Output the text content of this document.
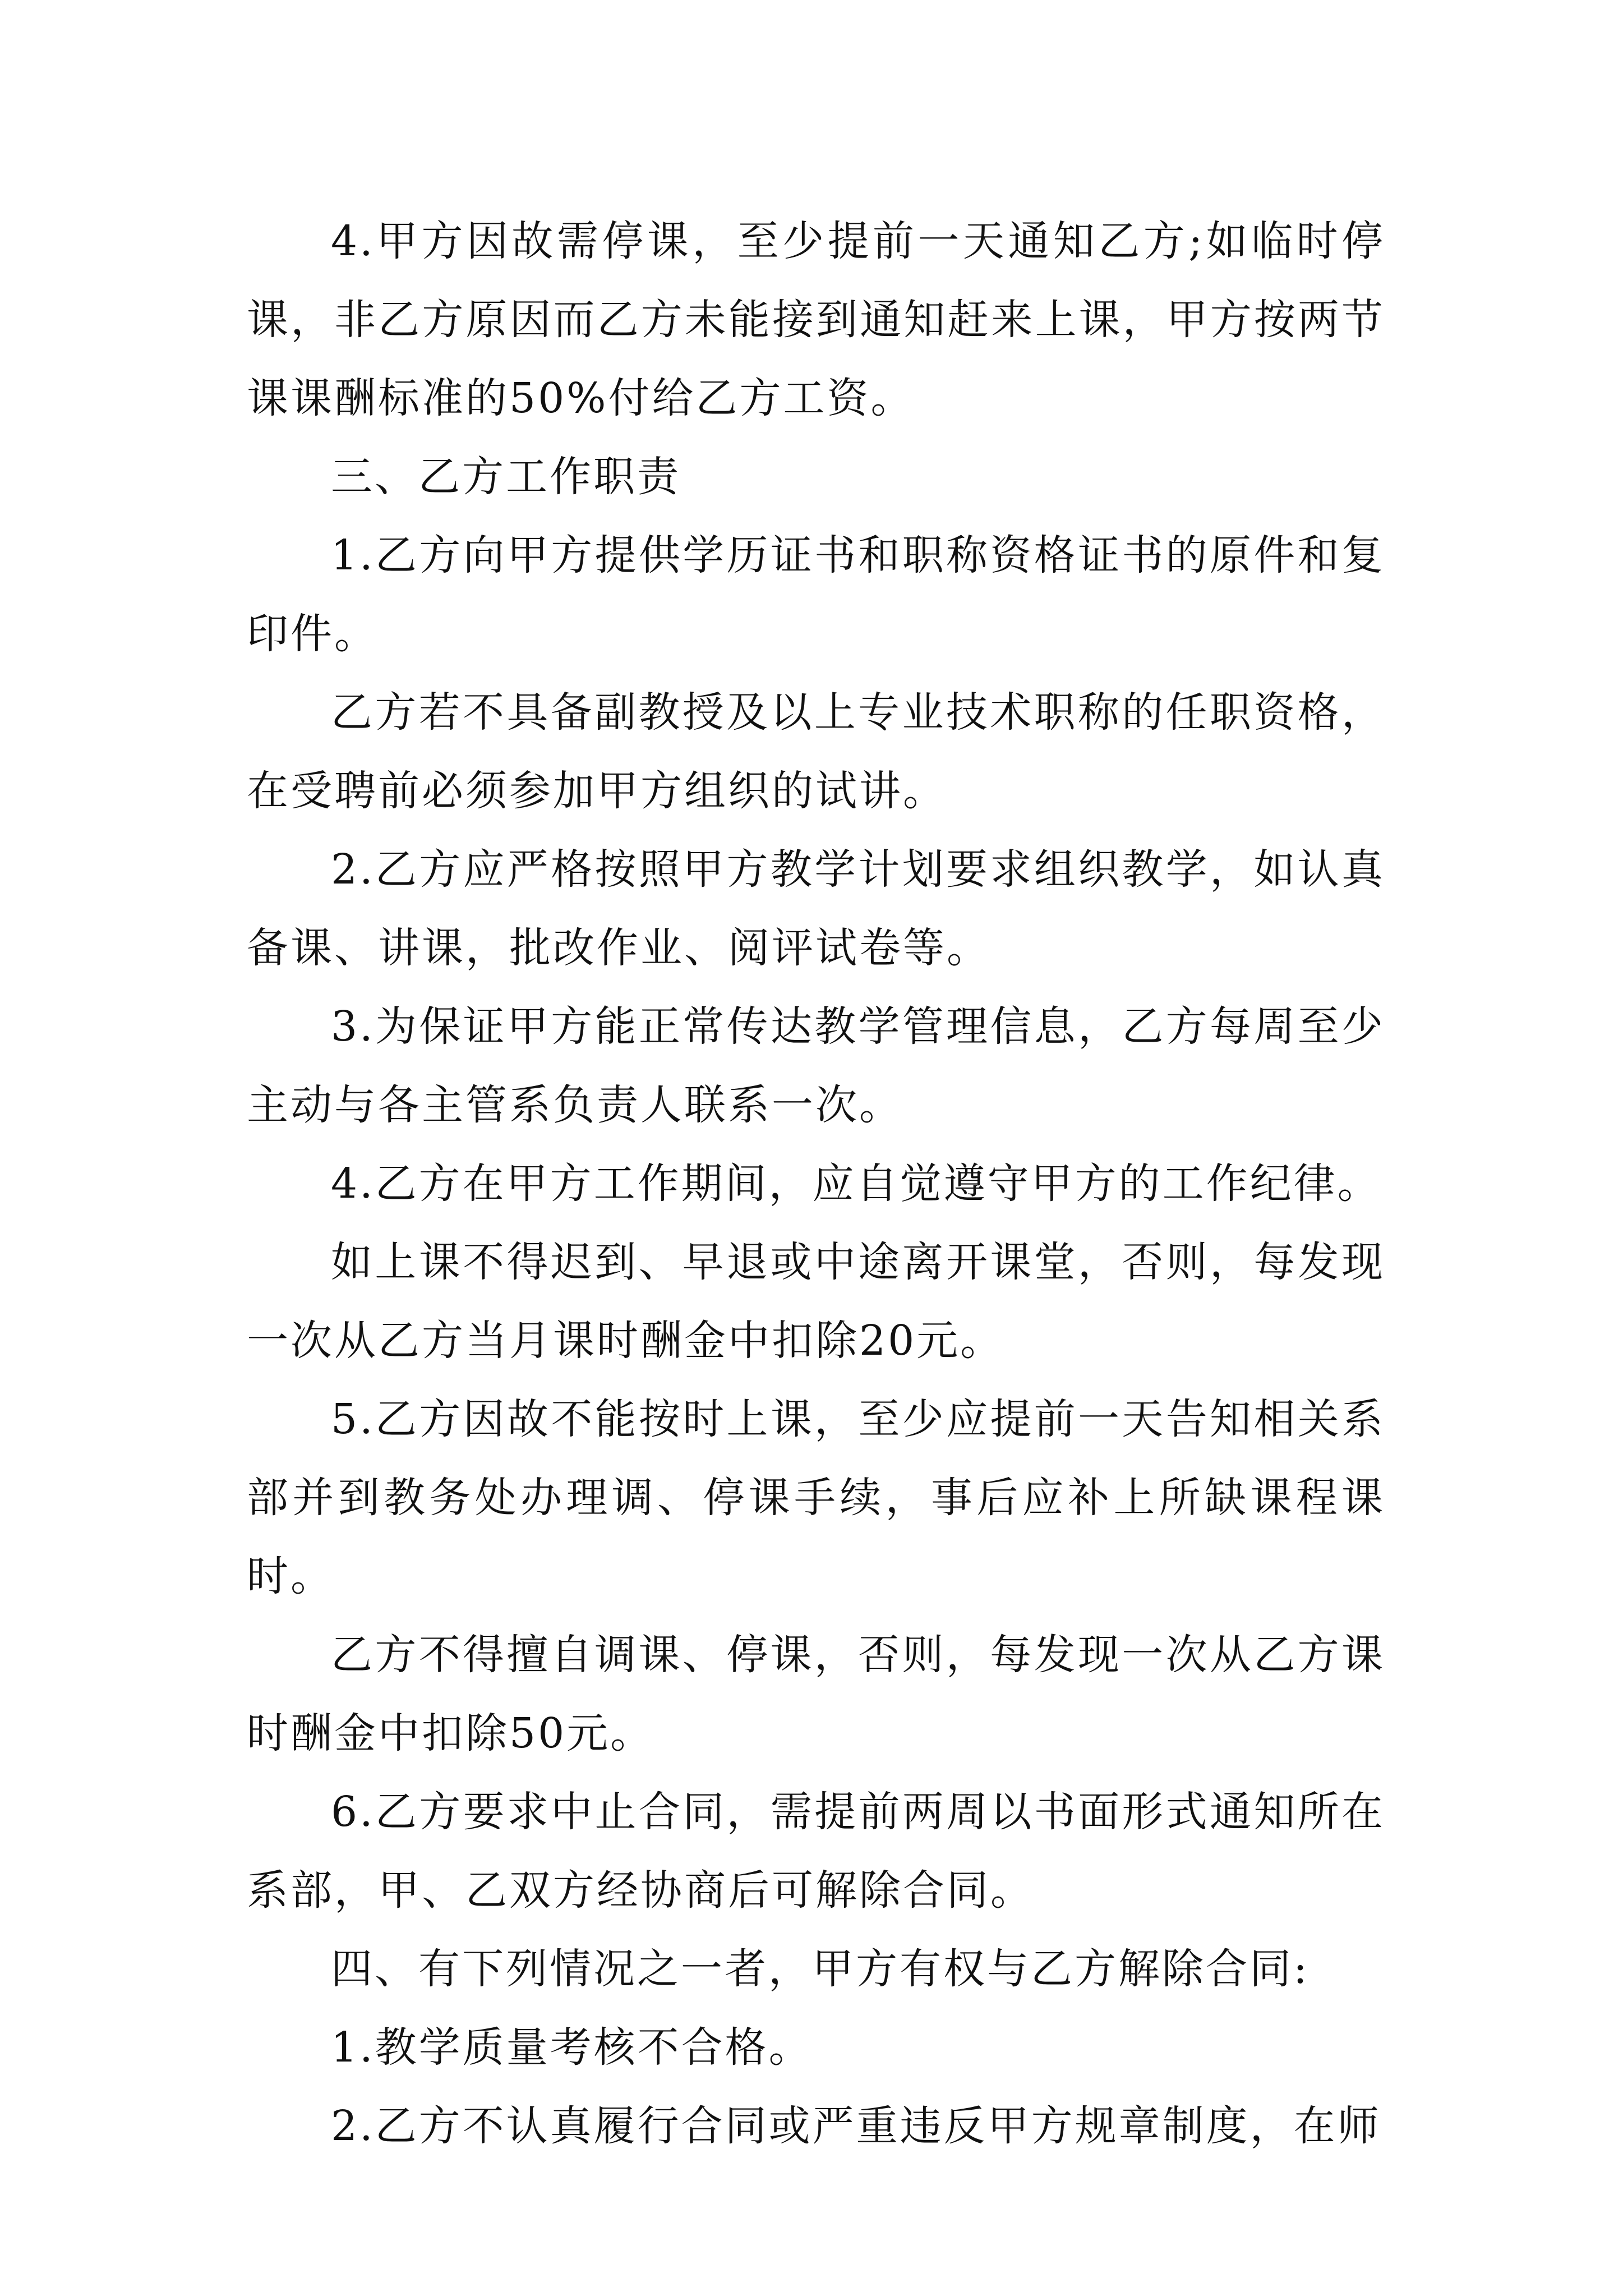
4.甲方因故需停课，至少提前一天通知乙方;如临时停课，非乙方原因而乙方未能接到通知赶来上课，甲方按两节课课酬标准的50%付给乙方工资。

三、乙方工作职责

1.乙方向甲方提供学历证书和职称资格证书的原件和复印件。

乙方若不具备副教授及以上专业技术职称的任职资格，在受聘前必须参加甲方组织的试讲。

2.乙方应严格按照甲方教学计划要求组织教学，如认真备课、讲课，批改作业、阅评试卷等。

3.为保证甲方能正常传达教学管理信息，乙方每周至少主动与各主管系负责人联系一次。

4.乙方在甲方工作期间，应自觉遵守甲方的工作纪律。

如上课不得迟到、早退或中途离开课堂，否则，每发现一次从乙方当月课时酬金中扣除20元。

5.乙方因故不能按时上课，至少应提前一天告知相关系部并到教务处办理调、停课手续，事后应补上所缺课程课时。

乙方不得擅自调课、停课，否则，每发现一次从乙方课时酬金中扣除50元。

6.乙方要求中止合同，需提前两周以书面形式通知所在系部，甲、乙双方经协商后可解除合同。

四、有下列情况之一者，甲方有权与乙方解除合同:

1.教学质量考核不合格。

2.乙方不认真履行合同或严重违反甲方规章制度，在师
